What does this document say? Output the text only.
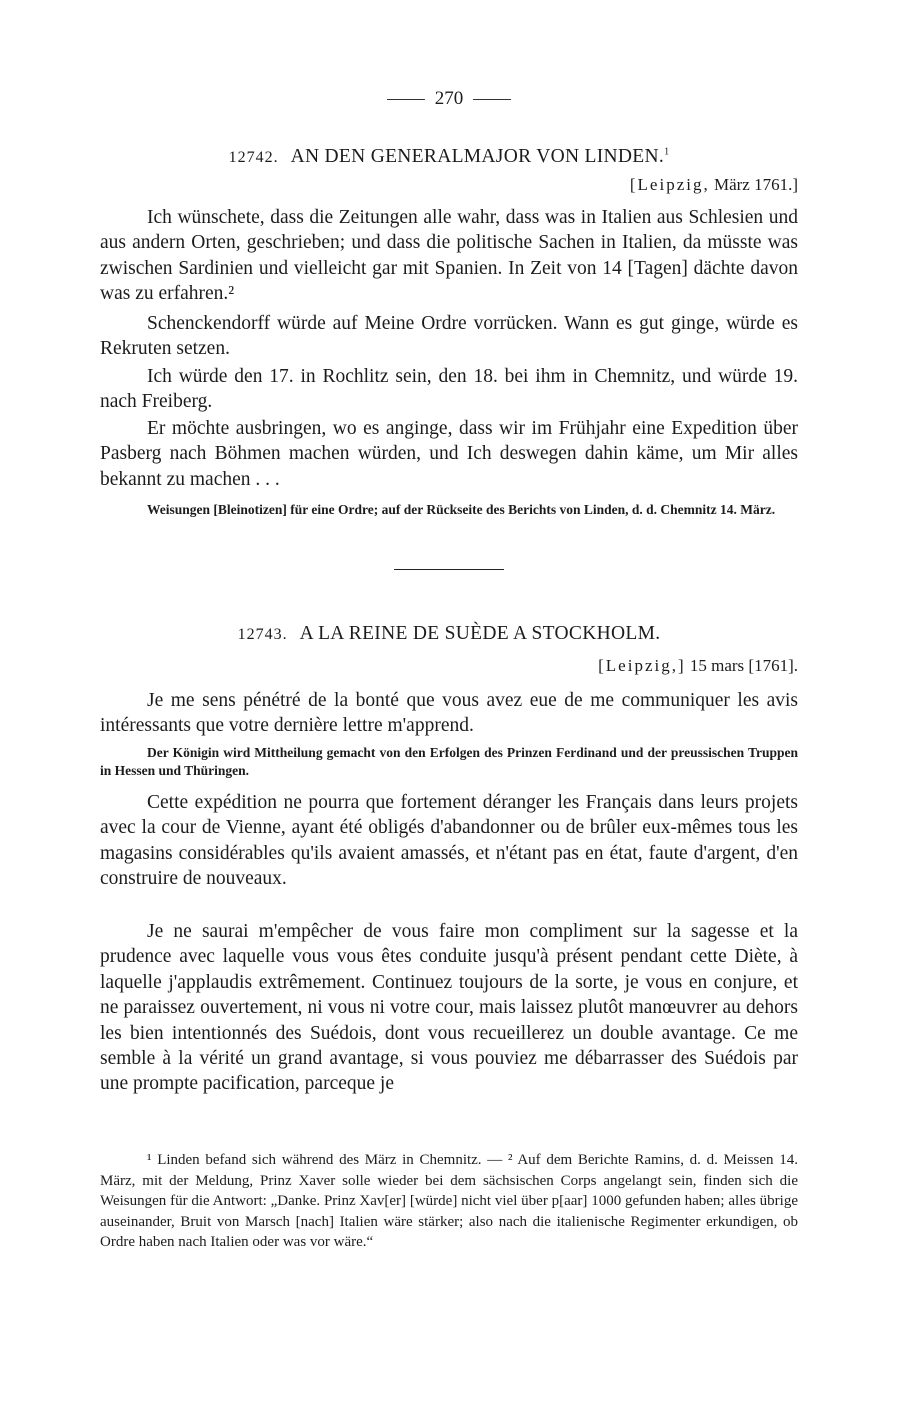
270
12742. AN DEN GENERALMAJOR VON LINDEN.$^1$
[Leipzig, März 1761.]
Ich wünschete, dass die Zeitungen alle wahr, dass was in Italien aus Schlesien und aus andern Orten, geschrieben; und dass die politische Sachen in Italien, da müsste was zwischen Sardinien und vielleicht gar mit Spanien. In Zeit von 14 [Tagen] dächte davon was zu erfahren.²
Schenckendorff würde auf Meine Ordre vorrücken. Wann es gut ginge, würde es Rekruten setzen.
Ich würde den 17. in Rochlitz sein, den 18. bei ihm in Chemnitz, und würde 19. nach Freiberg.
Er möchte ausbringen, wo es anginge, dass wir im Frühjahr eine Expedition über Pasberg nach Böhmen machen würden, und Ich deswegen dahin käme, um Mir alles bekannt zu machen . . .
Weisungen [Bleinotizen] für eine Ordre; auf der Rückseite des Berichts von Linden, d. d. Chemnitz 14. März.
12743. A LA REINE DE SUÈDE A STOCKHOLM.
[Leipzig,] 15 mars [1761].
Je me sens pénétré de la bonté que vous avez eue de me communiquer les avis intéressants que votre dernière lettre m'apprend.
Der Königin wird Mittheilung gemacht von den Erfolgen des Prinzen Ferdinand und der preussischen Truppen in Hessen und Thüringen.
Cette expédition ne pourra que fortement déranger les Français dans leurs projets avec la cour de Vienne, ayant été obligés d'abandonner ou de brûler eux-mêmes tous les magasins considérables qu'ils avaient amassés, et n'étant pas en état, faute d'argent, d'en construire de nouveaux.
Je ne saurai m'empêcher de vous faire mon compliment sur la sagesse et la prudence avec laquelle vous vous êtes conduite jusqu'à présent pendant cette Diète, à laquelle j'applaudis extrêmement. Continuez toujours de la sorte, je vous en conjure, et ne paraissez ouvertement, ni vous ni votre cour, mais laissez plutôt manœuvrer au dehors les bien intentionnés des Suédois, dont vous recueillerez un double avantage. Ce me semble à la vérité un grand avantage, si vous pouviez me débarrasser des Suédois par une prompte pacification, parceque je
¹ Linden befand sich während des März in Chemnitz. — ² Auf dem Berichte Ramins, d. d. Meissen 14. März, mit der Meldung, Prinz Xaver solle wieder bei dem sächsischen Corps angelangt sein, finden sich die Weisungen für die Antwort: „Danke. Prinz Xav[er] [würde] nicht viel über p[aar] 1000 gefunden haben; alles übrige auseinander, Bruit von Marsch [nach] Italien wäre stärker; also nach die italienische Regimenter erkundigen, ob Ordre haben nach Italien oder was vor wäre.“
